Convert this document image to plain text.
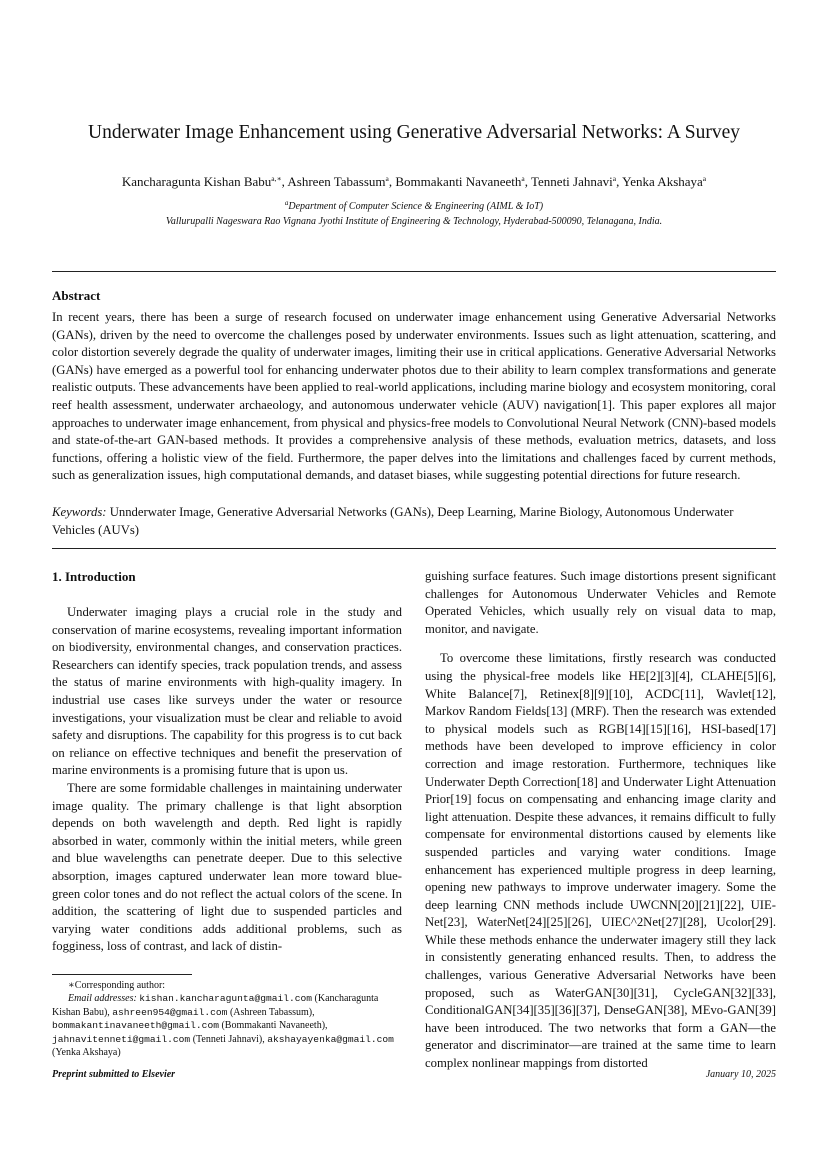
Underwater Image Enhancement using Generative Adversarial Networks: A Survey
Kancharagunta Kishan Babu$^{a,∗}$, Ashreen Tabassum$^a$, Bommakanti Navaneeth$^a$, Tenneti Jahnavi$^a$, Yenka Akshaya$^a$
$^a$Department of Computer Science & Engineering (AIML & IoT)
Vallurupalli Nageswara Rao Vignana Jyothi Institute of Engineering & Technology, Hyderabad-500090, Telanagana, India.
Abstract

In recent years, there has been a surge of research focused on underwater image enhancement using Generative Adversarial Networks (GANs), driven by the need to overcome the challenges posed by underwater environments. Issues such as light attenuation, scattering, and color distortion severely degrade the quality of underwater images, limiting their use in critical applications. Generative Adversarial Networks (GANs) have emerged as a powerful tool for enhancing underwater photos due to their ability to learn complex transformations and generate realistic outputs. These advancements have been applied to real-world applications, including marine biology and ecosystem monitoring, coral reef health assessment, underwater archaeology, and autonomous underwater vehicle (AUV) navigation[1]. This paper explores all major approaches to underwater image enhancement, from physical and physics-free models to Convolutional Neural Network (CNN)-based models and state-of-the-art GAN-based methods. It provides a comprehensive analysis of these methods, evaluation metrics, datasets, and loss functions, offering a holistic view of the field. Furthermore, the paper delves into the limitations and challenges faced by current methods, such as generalization issues, high computational demands, and dataset biases, while suggesting potential directions for future research.

Keywords: Unnderwater Image, Generative Adversarial Networks (GANs), Deep Learning, Marine Biology, Autonomous Underwater Vehicles (AUVs)

1. Introduction

Underwater imaging plays a crucial role in the study and conservation of marine ecosystems, revealing important information on biodiversity, environmental changes, and conservation practices. Researchers can identify species, track population trends, and assess the status of marine environments with high-quality imagery. In industrial use cases like surveys under the water or resource investigations, your visualization must be clear and reliable to avoid safety and disruptions. The capability for this progress is to cut back on reliance on effective techniques and benefit the preservation of marine environments is a promising future that is upon us.

There are some formidable challenges in maintaining underwater image quality. The primary challenge is that light absorption depends on both wavelength and depth. Red light is rapidly absorbed in water, commonly within the initial meters, while green and blue wavelengths can penetrate deeper. Due to this selective absorption, images captured underwater lean more toward blue-green color tones and do not reflect the actual colors of the scene. In addition, the scattering of light due to suspended particles and varying water conditions adds additional problems, such as fogginess, loss of contrast, and lack of distin-

guishing surface features. Such image distortions present significant challenges for Autonomous Underwater Vehicles and Remote Operated Vehicles, which usually rely on visual data to map, monitor, and navigate.

To overcome these limitations, firstly research was conducted using the physical-free models like HE[2][3][4], CLAHE[5][6], White Balance[7], Retinex[8][9][10], ACDC[11], Wavlet[12], Markov Random Fields[13] (MRF). Then the research was extended to physical models such as RGB[14][15][16], HSI-based[17] methods have been developed to improve efficiency in color correction and image restoration. Furthermore, techniques like Underwater Depth Correction[18] and Underwater Light Attenuation Prior[19] focus on compensating and enhancing image clarity and light attenuation. Despite these advances, it remains difficult to fully compensate for environmental distortions caused by elements like suspended particles and varying water conditions. Image enhancement has experienced multiple progress in deep learning, opening new pathways to improve underwater imagery. Some the deep learning CNN methods include UWCNN[20][21][22], UIE-Net[23], WaterNet[24][25][26], UIEC^2Net[27][28], Ucolor[29]. While these methods enhance the underwater imagery still they lack in consistently generating enhanced results. Then, to address the challenges, various Generative Adversarial Networks have been proposed, such as WaterGAN[30][31], CycleGAN[32][33], ConditionalGAN[34][35][36][37], DenseGAN[38], MEvo-GAN[39] have been introduced. The two networks that form a GAN—the generator and discriminator—are trained at the same time to learn complex nonlinear mappings from distorted

∗Corresponding author:
Email addresses: kishan.kancharagunta@gmail.com (Kancharagunta Kishan Babu), ashreen954@gmail.com (Ashreen Tabassum), bommakantinavaneeth@gmail.com (Bommakanti Navaneeth), jahnavitenneti@gmail.com (Tenneti Jahnavi), akshayayenka@gmail.com (Yenka Akshaya)

Preprint submitted to Elsevier	January 10, 2025
